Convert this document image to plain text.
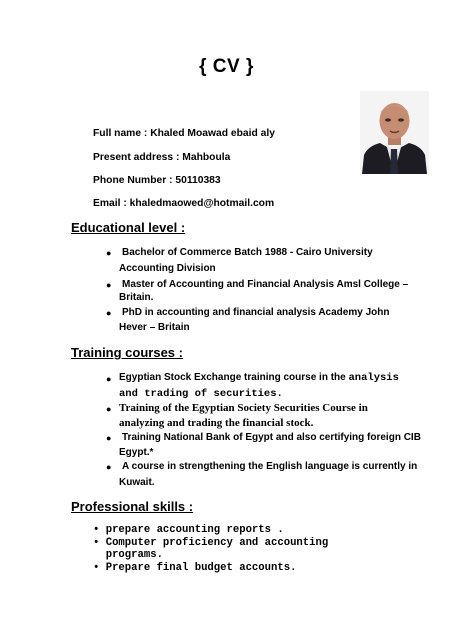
{ CV }
Full name : Khaled Moawad ebaid aly
Present address : Mahboula
Phone Number : 50110383
Email : khaledmaowed@hotmail.com
Educational level :
● Bachelor of Commerce Batch 1988 - Cairo University
Accounting Division
● Master of Accounting and Financial Analysis Amsl College –
Britain.
● PhD in accounting and financial analysis Academy John
Hever – Britain
Training courses :
● Egyptian Stock Exchange training course in the analysis
and trading of securities.
● Training of the Egyptian Society Securities Course in
analyzing and trading the financial stock.
● Training National Bank of Egypt and also certifying foreign CIB
Egypt.*
● A course in strengthening the English language is currently in
Kuwait.
Professional skills :
• prepare accounting reports .
• Computer proficiency and accounting
programs.
• Prepare final budget accounts.
